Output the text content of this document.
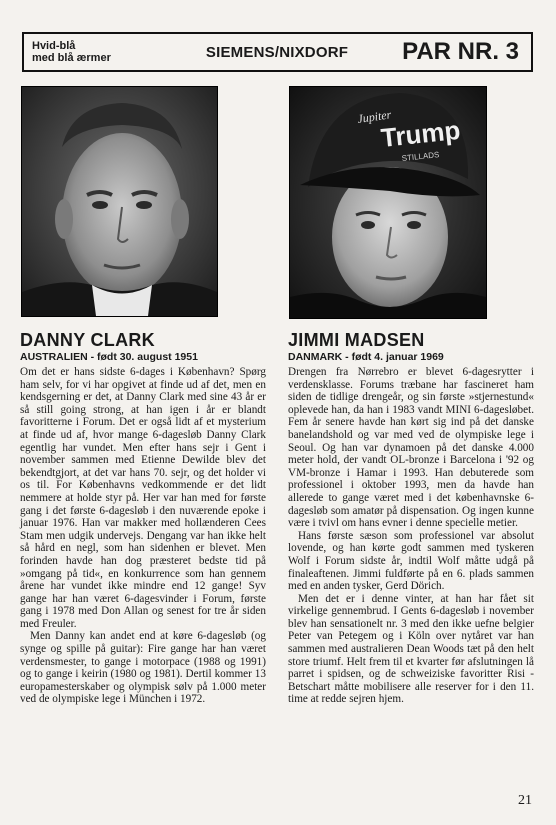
Hvid-blå
med blå ærmer	SIEMENS/NIXDORF	PAR NR. 3
Jupiter
Trump
STILLADS
DANNY CLARK
AUSTRALIEN - født 30. august 1951

Om det er hans sidste 6-dages i København? Spørg ham selv, for vi har opgivet at finde ud af det, men en kendsgerning er det, at Danny Clark med sine 43 år er så still going strong, at han igen i år er blandt favoritterne i Forum. Det er også lidt af et mysterium at finde ud af, hvor mange 6-dagesløb Danny Clark egentlig har vundet. Men efter hans sejr i Gent i november sammen med Etienne Dewilde blev det bekendtgjort, at det var hans 70. sejr, og det holder vi os til. For Københavns vedkommende er det lidt nemmere at holde styr på. Her var han med for første gang i det første 6-dagesløb i den nuværende epoke i januar 1976. Han var makker med hollænderen Cees Stam men udgik undervejs. Dengang var han ikke helt så hård en negl, som han sidenhen er blevet. Men forinden havde han dog præsteret bedste tid på »omgang på tid«, en konkurrence som han gennem årene har vundet ikke mindre end 12 gange! Syv gange har han været 6-dagesvinder i Forum, første gang i 1978 med Don Allan og senest for tre år siden med Freuler.

Men Danny kan andet end at køre 6-dagesløb (og synge og spille på guitar): Fire gange har han været verdensmester, to gange i motorpace (1988 og 1991) og to gange i keirin (1980 og 1981). Dertil kommer 13 europamesterskaber og olympisk sølv på 1.000 meter ved de olympiske lege i München i 1972.

JIMMI MADSEN
DANMARK - født 4. januar 1969

Drengen fra Nørrebro er blevet 6-dagesrytter i verdensklasse. Forums træbane har fascineret ham siden de tidlige drengeår, og sin første »stjernestund« oplevede han, da han i 1983 vandt MINI 6-dagesløbet. Fem år senere havde han kørt sig ind på det danske banelandshold og var med ved de olympiske lege i Seoul. Og han var dynamoen på det danske 4.000 meter hold, der vandt OL-bronze i Barcelona i '92 og VM-bronze i Hamar i 1993. Han debuterede som professionel i oktober 1993, men da havde han allerede to gange været med i det københavnske 6-dagesløb som amatør på dispensation. Og ingen kunne være i tvivl om hans evner i denne specielle metier.

Hans første sæson som professionel var absolut lovende, og han kørte godt sammen med tyskeren Wolf i Forum sidste år, indtil Wolf måtte udgå på finaleaftenen. Jimmi fuldførte på en 6. plads sammen med en anden tysker, Gerd Dörich.

Men det er i denne vinter, at han har fået sit virkelige gennembrud. I Gents 6-dagesløb i november blev han sensationelt nr. 3 med den ikke uefne belgier Peter van Petegem og i Köln over nytåret var han sammen med australieren Dean Woods tæt på den helt store triumf. Helt frem til et kvarter før afslutningen lå parret i spidsen, og de schweiziske favoritter Risi - Betschart måtte mobilisere alle reserver for i den 11. time at redde sejren hjem.

21
